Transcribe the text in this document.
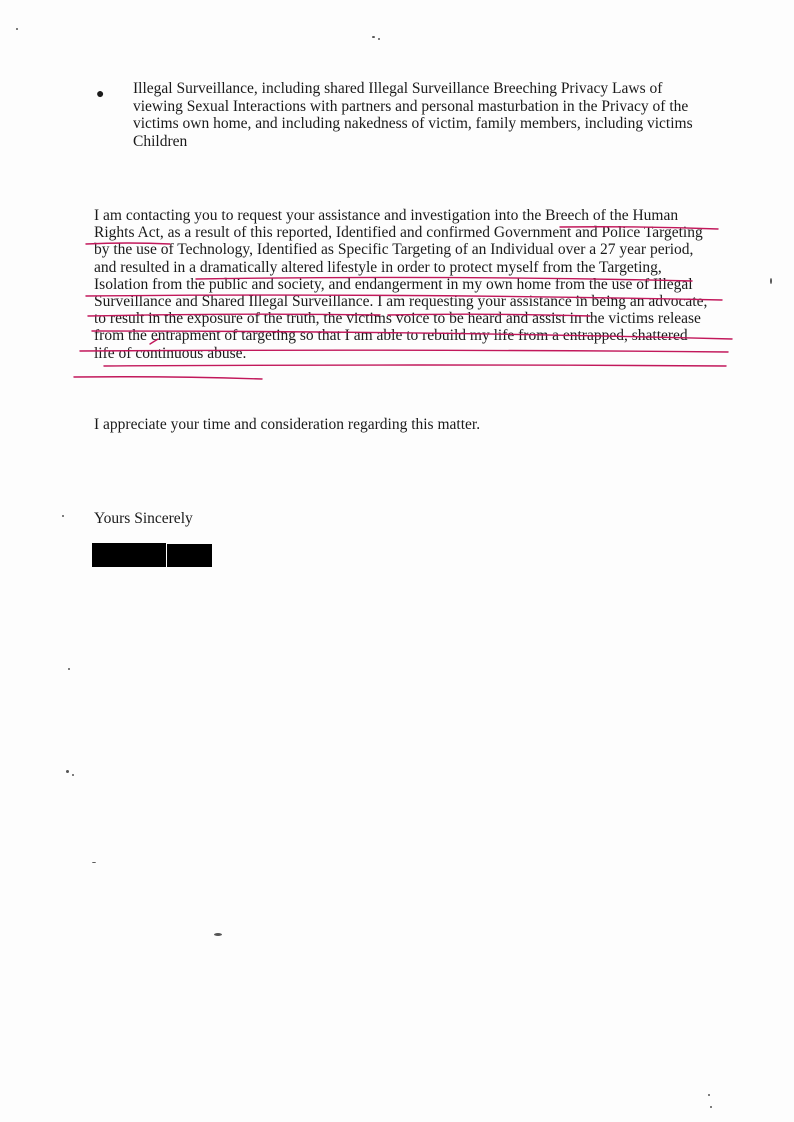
● Illegal Surveillance, including shared Illegal Surveillance Breeching Privacy Laws of
viewing Sexual Interactions with partners and personal masturbation in the Privacy of the
victims own home, and including nakedness of victim, family members, including victims
Children
I am contacting you to request your assistance and investigation into the Breech of the Human
Rights Act, as a result of this reported, Identified and confirmed Government and Police Targeting
by the use of Technology, Identified as Specific Targeting of an Individual over a 27 year period,
and resulted in a dramatically altered lifestyle in order to protect myself from the Targeting,
Isolation from the public and society, and endangerment in my own home from the use of Illegal
Surveillance and Shared Illegal Surveillance. I am requesting your assistance in being an advocate,
to result in the exposure of the truth, the victims voice to be heard and assist in the victims release
from the entrapment of targeting so that I am able to rebuild my life from a entrapped, shattered
life of continuous abuse.
I appreciate your time and consideration regarding this matter.
Yours Sincerely
